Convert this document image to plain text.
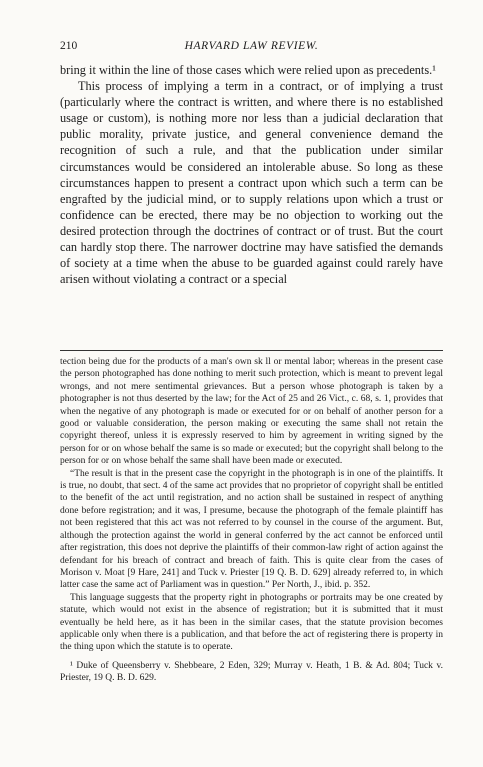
210	HARVARD LAW REVIEW.

bring it within the line of those cases which were relied upon as precedents.¹

This process of implying a term in a contract, or of implying a trust (particularly where the contract is written, and where there is no established usage or custom), is nothing more nor less than a judicial declaration that public morality, private justice, and general convenience demand the recognition of such a rule, and that the publication under similar circumstances would be considered an intolerable abuse. So long as these circumstances happen to present a contract upon which such a term can be engrafted by the judicial mind, or to supply relations upon which a trust or confidence can be erected, there may be no objection to working out the desired protection through the doctrines of contract or of trust. But the court can hardly stop there. The narrower doctrine may have satisfied the demands of society at a time when the abuse to be guarded against could rarely have arisen without violating a contract or a special

tection being due for the products of a man's own sk ll or mental labor; whereas in the present case the person photographed has done nothing to merit such protection, which is meant to prevent legal wrongs, and not mere sentimental grievances. But a person whose photograph is taken by a photographer is not thus deserted by the law; for the Act of 25 and 26 Vict., c. 68, s. 1, provides that when the negative of any photograph is made or executed for or on behalf of another person for a good or valuable consideration, the person making or executing the same shall not retain the copyright thereof, unless it is expressly reserved to him by agreement in writing signed by the person for or on whose behalf the same is so made or executed; but the copyright shall belong to the person for or on whose behalf the same shall have been made or executed.

“The result is that in the present case the copyright in the photograph is in one of the plaintiffs. It is true, no doubt, that sect. 4 of the same act provides that no proprietor of copyright shall be entitled to the benefit of the act until registration, and no action shall be sustained in respect of anything done before registration; and it was, I presume, because the photograph of the female plaintiff has not been registered that this act was not referred to by counsel in the course of the argument. But, although the protection against the world in general conferred by the act cannot be enforced until after registration, this does not deprive the plaintiffs of their common-law right of action against the defendant for his breach of contract and breach of faith. This is quite clear from the cases of Morison v. Moat [9 Hare, 241] and Tuck v. Priester [19 Q. B. D. 629] already referred to, in which latter case the same act of Parliament was in question.” Per North, J., ibid. p. 352.

This language suggests that the property right in photographs or portraits may be one created by statute, which would not exist in the absence of registration; but it is submitted that it must eventually be held here, as it has been in the similar cases, that the statute provision becomes applicable only when there is a publication, and that before the act of registering there is property in the thing upon which the statute is to operate.

¹ Duke of Queensberry v. Shebbeare, 2 Eden, 329; Murray v. Heath, 1 B. & Ad. 804; Tuck v. Priester, 19 Q. B. D. 629.
